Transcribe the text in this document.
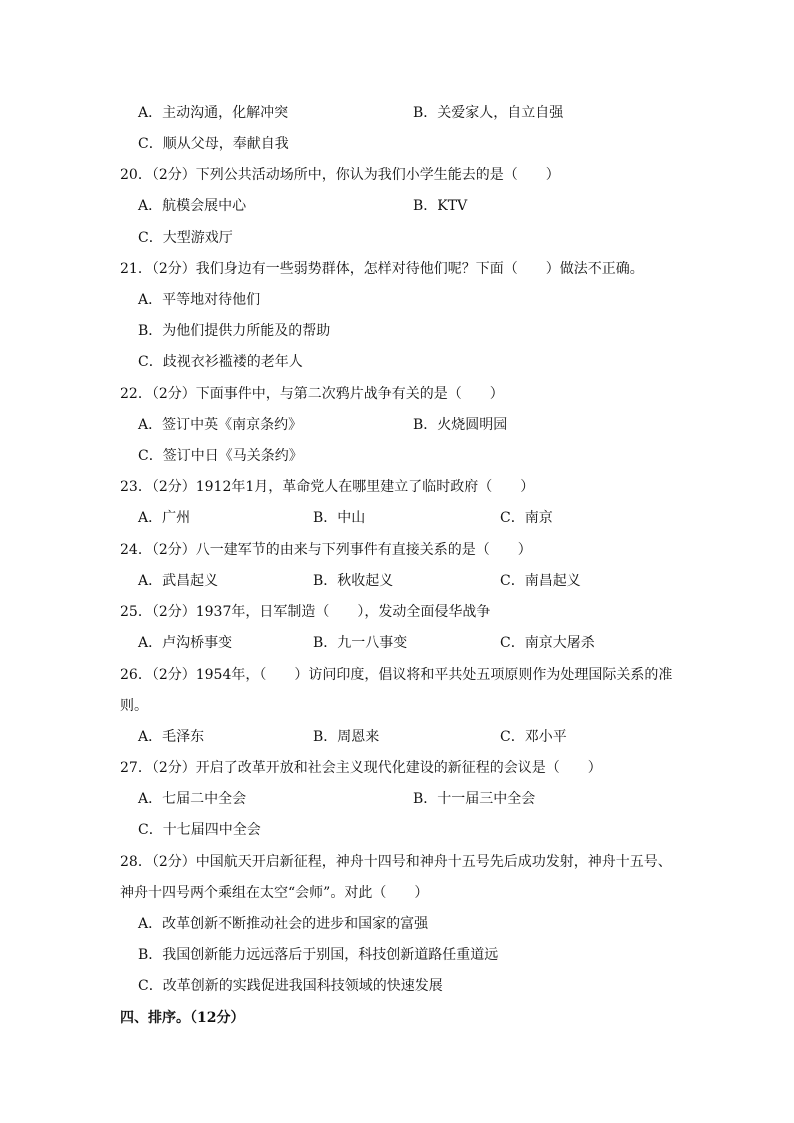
A．主动沟通，化解冲突	B．关爱家人，自立自强
C．顺从父母，奉献自我
20．（2分）下列公共活动场所中，你认为我们小学生能去的是（　　）
A．航模会展中心	B．KTV
C．大型游戏厅
21．（2分）我们身边有一些弱势群体，怎样对待他们呢？下面（　　）做法不正确。
A．平等地对待他们
B．为他们提供力所能及的帮助
C．歧视衣衫褴褛的老年人
22．（2分）下面事件中，与第二次鸦片战争有关的是（　　）
A．签订中英《南京条约》	B．火烧圆明园
C．签订中日《马关条约》
23．（2分）1912年1月，革命党人在哪里建立了临时政府（　　）
A．广州	B．中山	C．南京
24．（2分）八一建军节的由来与下列事件有直接关系的是（　　）
A．武昌起义	B．秋收起义	C．南昌起义
25．（2分）1937年，日军制造（　　），发动全面侵华战争
A．卢沟桥事变	B．九一八事变	C．南京大屠杀
26．（2分）1954年，（　　）访问印度，倡议将和平共处五项原则作为处理国际关系的准
则。
A．毛泽东	B．周恩来	C．邓小平
27．（2分）开启了改革开放和社会主义现代化建设的新征程的会议是（　　）
A．七届二中全会	B．十一届三中全会
C．十七届四中全会
28．（2分）中国航天开启新征程，神舟十四号和神舟十五号先后成功发射，神舟十五号、
神舟十四号两个乘组在太空“会师”。对此（　　）
A．改革创新不断推动社会的进步和国家的富强
B．我国创新能力远远落后于别国，科技创新道路任重道远
C．改革创新的实践促进我国科技领域的快速发展
四、排序。（12分）
